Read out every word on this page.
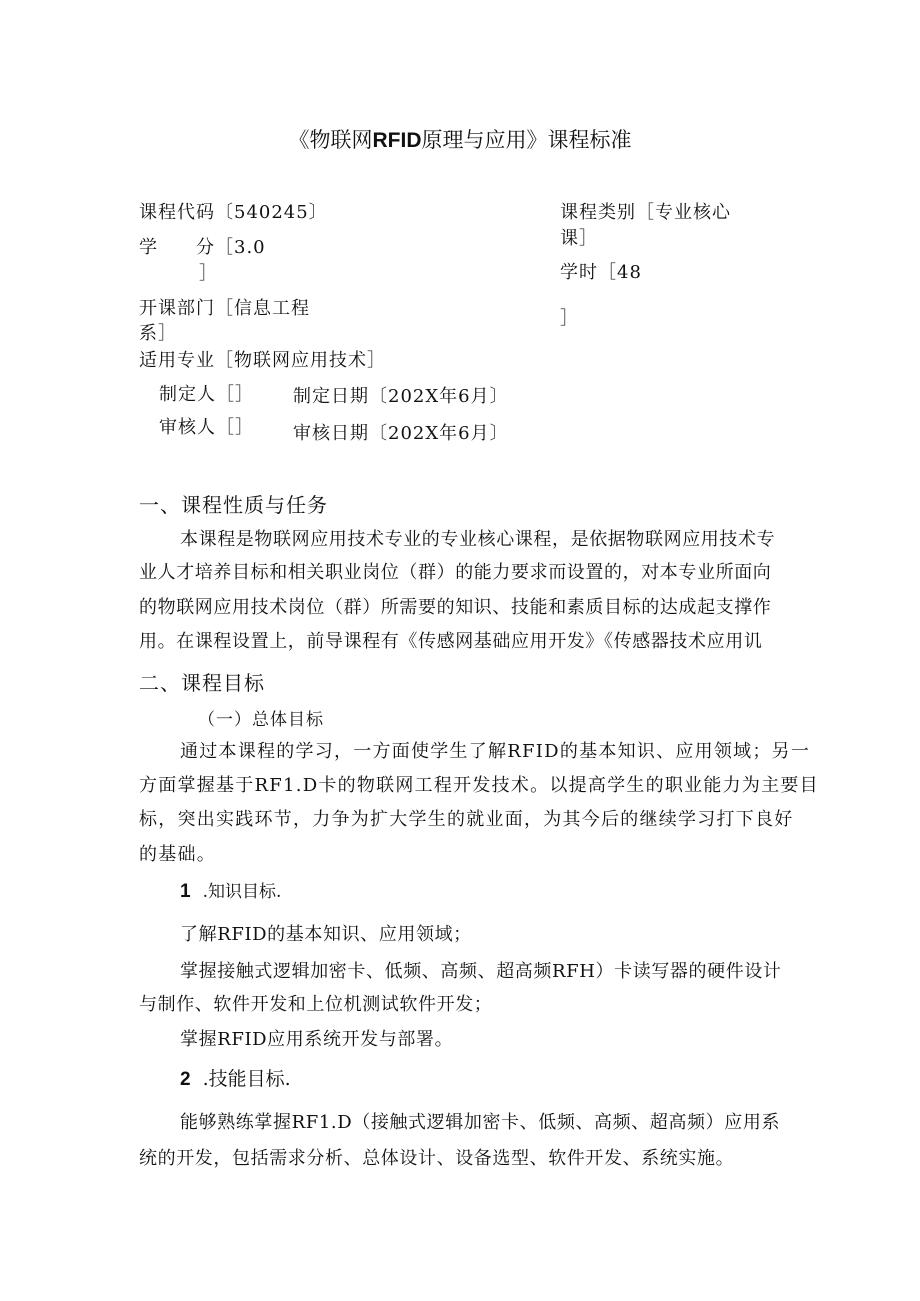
《物联网RFID原理与应用》课程标准
课程代码〔540245〕
学　　分［3.0
］
开课部门［信息工程
系］
适用专业［物联网应用技术］
制定人［］ 制定日期〔202X年6月〕
审核人［］ 审核日期〔202X年6月〕
课程类别［专业核心
课］
学时［48
］
一、课程性质与任务
本课程是物联网应用技术专业的专业核心课程，是依据物联网应用技术专
业人才培养目标和相关职业岗位（群）的能力要求而设置的，对本专业所面向
的物联网应用技术岗位（群）所需要的知识、技能和素质目标的达成起支撑作
用。在课程设置上，前导课程有《传感网基础应用开发》《传感器技术应用讥
二、课程目标
（一）总体目标
通过本课程的学习，一方面使学生了解RFID的基本知识、应用领域；另一
方面掌握基于RF1.D卡的物联网工程开发技术。以提高学生的职业能力为主要目
标，突出实践环节，力争为扩大学生的就业面，为其今后的继续学习打下良好
的基础。
1 .知识目标.
了解RFID的基本知识、应用领域；
掌握接触式逻辑加密卡、低频、高频、超高频RFH）卡读写器的硬件设计
与制作、软件开发和上位机测试软件开发；
掌握RFID应用系统开发与部署。
2 .技能目标.
能够熟练掌握RF1.D（接触式逻辑加密卡、低频、高频、超高频）应用系
统的开发，包括需求分析、总体设计、设备选型、软件开发、系统实施。
